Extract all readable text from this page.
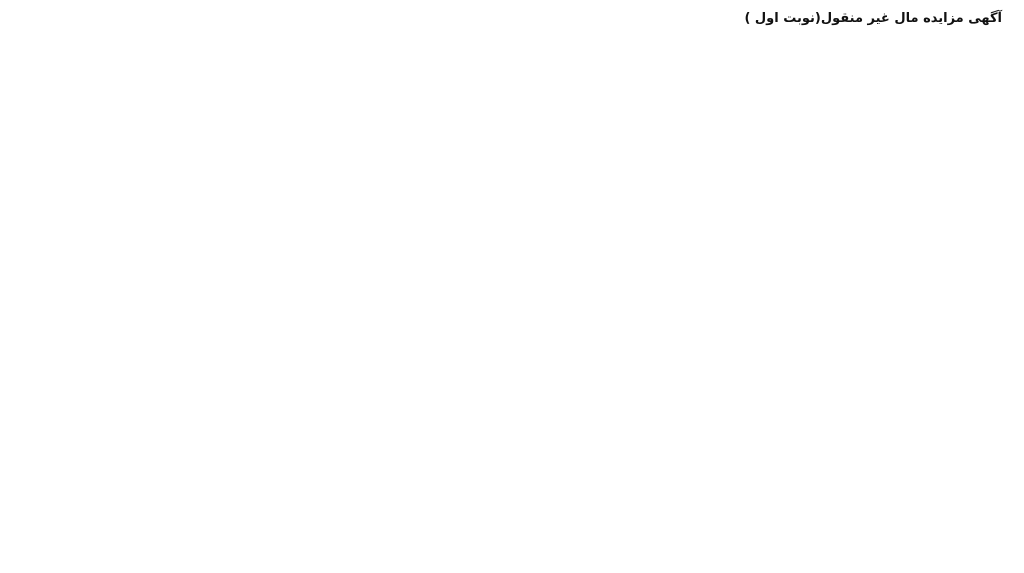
آگهی مزایده مال غیر منقول(نوبت اول )
